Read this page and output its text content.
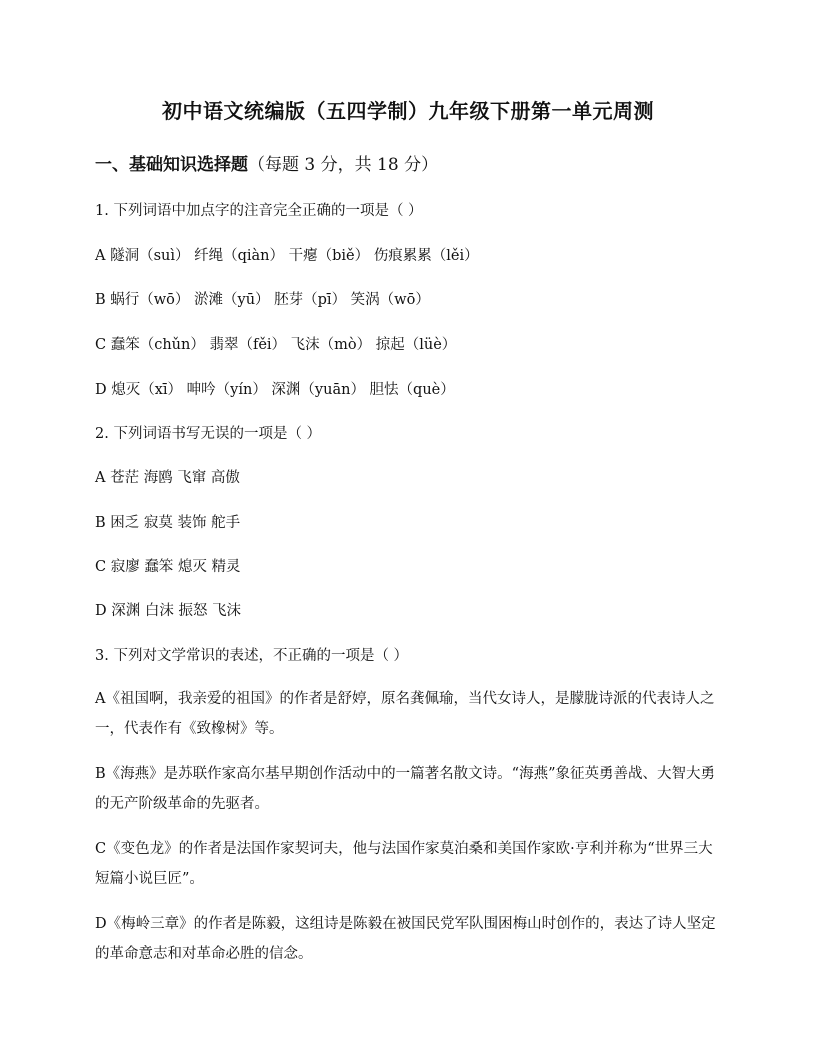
初中语文统编版（五四学制）九年级下册第一单元周测
一、基础知识选择题（每题 3 分，共 18 分）
1. 下列词语中加点字的注音完全正确的一项是（ ）
A 隧洞（suì） 纤绳（qiàn） 干瘪（biě） 伤痕累累（lěi）
B 蜗行（wō） 淤滩（yū） 胚芽（pī） 笑涡（wō）
C 蠢笨（chǔn） 翡翠（fěi） 飞沫（mò） 掠起（lüè）
D 熄灭（xī） 呻吟（yín） 深渊（yuān） 胆怯（què）
2. 下列词语书写无误的一项是（ ）
A 苍茫 海鸥 飞窜 高傲
B 困乏 寂莫 装饰 舵手
C 寂廖 蠢笨 熄灭 精灵
D 深渊 白沫 振怒 飞沫
3. 下列对文学常识的表述，不正确的一项是（ ）
A《祖国啊，我亲爱的祖国》的作者是舒婷，原名龚佩瑜，当代女诗人，是朦胧诗派的代表诗人之一，代表作有《致橡树》等。
B《海燕》是苏联作家高尔基早期创作活动中的一篇著名散文诗。“海燕”象征英勇善战、大智大勇的无产阶级革命的先驱者。
C《变色龙》的作者是法国作家契诃夫，他与法国作家莫泊桑和美国作家欧·亨利并称为“世界三大短篇小说巨匠”。
D《梅岭三章》的作者是陈毅，这组诗是陈毅在被国民党军队围困梅山时创作的，表达了诗人坚定的革命意志和对革命必胜的信念。
